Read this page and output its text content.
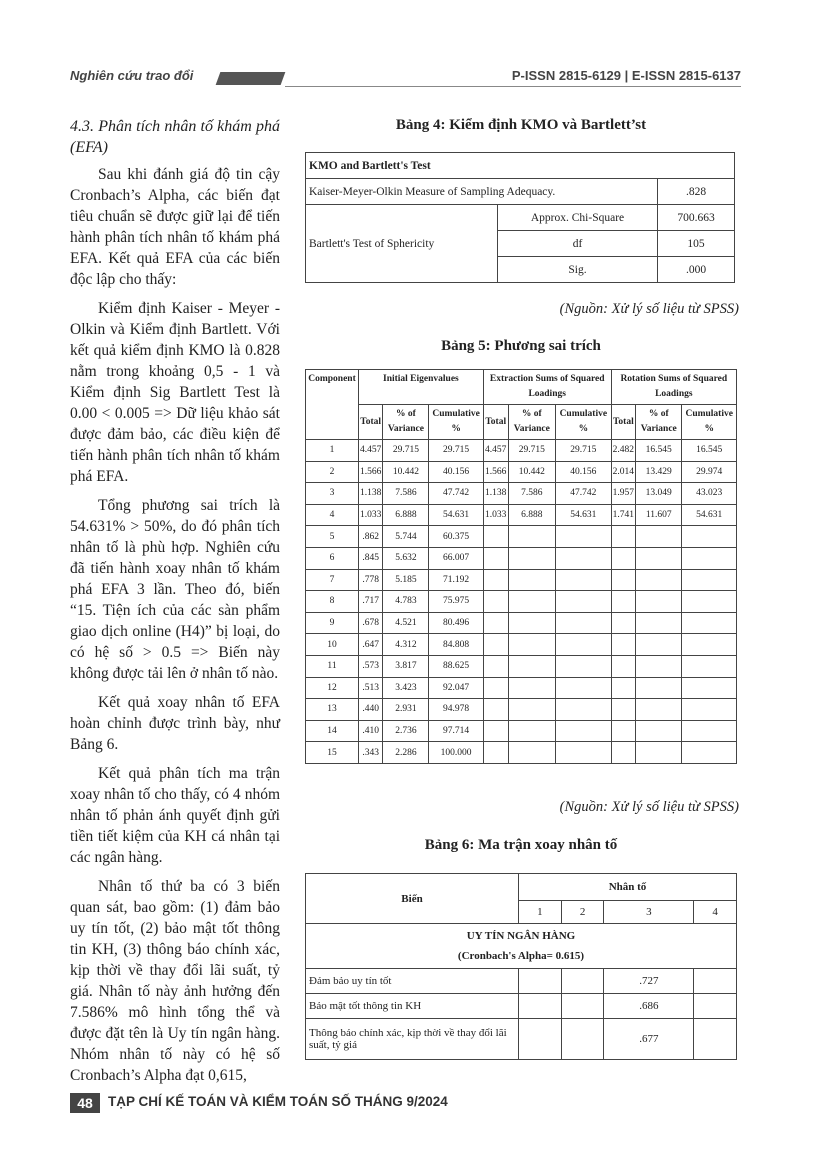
Nghiên cứu trao đổi	P-ISSN 2815-6129 | E-ISSN 2815-6137
4.3. Phân tích nhân tố khám phá (EFA)

Sau khi đánh giá độ tin cậy Cronbach’s Alpha, các biến đạt tiêu chuẩn sẽ được giữ lại để tiến hành phân tích nhân tố khám phá EFA. Kết quả EFA của các biến độc lập cho thấy:

Kiểm định Kaiser - Meyer - Olkin và Kiểm định Bartlett. Với kết quả kiểm định KMO là 0.828 nằm trong khoảng 0,5 - 1 và Kiểm định Sig Bartlett Test là 0.00 < 0.005 => Dữ liệu khảo sát được đảm bảo, các điều kiện để tiến hành phân tích nhân tố khám phá EFA.

Tổng phương sai trích là 54.631% > 50%, do đó phân tích nhân tố là phù hợp. Nghiên cứu đã tiến hành xoay nhân tố khám phá EFA 3 lần. Theo đó, biến “15. Tiện ích của các sàn phẩm giao dịch online (H4)” bị loại, do có hệ số > 0.5 => Biến này không được tải lên ở nhân tố nào.

Kết quả xoay nhân tố EFA hoàn chỉnh được trình bày, như Bảng 6.

Kết quả phân tích ma trận xoay nhân tố cho thấy, có 4 nhóm nhân tố phản ánh quyết định gửi tiền tiết kiệm của KH cá nhân tại các ngân hàng.

Nhân tố thứ ba có 3 biến quan sát, bao gồm: (1) đảm bảo uy tín tốt, (2) bảo mật tốt thông tin KH, (3) thông báo chính xác, kịp thời về thay đổi lãi suất, tỷ giá. Nhân tố này ảnh hưởng đến 7.586% mô hình tổng thể và được đặt tên là Uy tín ngân hàng. Nhóm nhân tố này có hệ số Cronbach’s Alpha đạt 0,615,

Bảng 4: Kiểm định KMO và Bartlett’st
KMO and Bartlett's Test		
Kaiser-Meyer-Olkin Measure of Sampling Adequacy.		.828
Bartlett's Test of Sphericity	Approx. Chi-Square	700.663
	df	105
	Sig.	.000
(Nguồn: Xử lý số liệu từ SPSS)
Bảng 5: Phương sai trích
Component	Initial Eigenvalues			Extraction Sums of Squared Loadings			Rotation Sums of Squared Loadings		
	Total	% of Variance	Cumulative %	Total	% of Variance	Cumulative %	Total	% of Variance	Cumulative %
1	4.457	29.715	29.715	4.457	29.715	29.715	2.482	16.545	16.545
2	1.566	10.442	40.156	1.566	10.442	40.156	2.014	13.429	29.974
3	1.138	7.586	47.742	1.138	7.586	47.742	1.957	13.049	43.023
4	1.033	6.888	54.631	1.033	6.888	54.631	1.741	11.607	54.631
5	.862	5.744	60.375						
6	.845	5.632	66.007						
7	.778	5.185	71.192						
8	.717	4.783	75.975						
9	.678	4.521	80.496						
10	.647	4.312	84.808						
11	.573	3.817	88.625						
12	.513	3.423	92.047						
13	.440	2.931	94.978						
14	.410	2.736	97.714						
15	.343	2.286	100.000						
(Nguồn: Xử lý số liệu từ SPSS)
Bảng 6: Ma trận xoay nhân tố
Biến	Nhân tố			
	1	2	3	4

UY TÍN NGÂN HÀNG
(Cronbach's Alpha= 0.615)				

Đảm bảo uy tín tốt			.727	
Bảo mật tốt thông tin KH			.686	
Thông báo chính xác, kịp thời về thay đổi lãi suất, tỷ giá			.677	
48	TẠP CHÍ KẾ TOÁN VÀ KIỂM TOÁN SỐ THÁNG 9/2024
